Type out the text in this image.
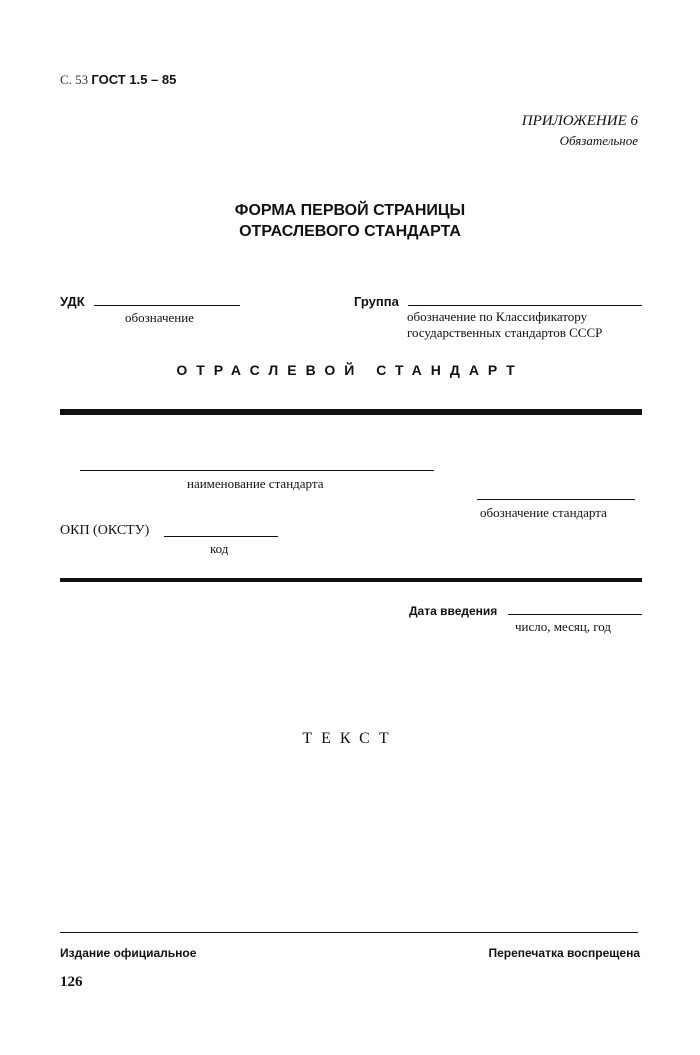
С. 53 ГОСТ 1.5 – 85
ПРИЛОЖЕНИЕ 6
Обязательное
ФОРМА ПЕРВОЙ СТРАНИЦЫ
ОТРАСЛЕВОГО СТАНДАРТА
УДК
обозначение
Группа
обозначение по Классификатору
государственных стандартов СССР
ОТРАСЛЕВОЙ СТАНДАРТ
наименование стандарта
обозначение стандарта
ОКП (ОКСТУ)
код
Дата введения
число, месяц, год
ТЕКСТ
Издание официальное	Перепечатка воспрещена
126
